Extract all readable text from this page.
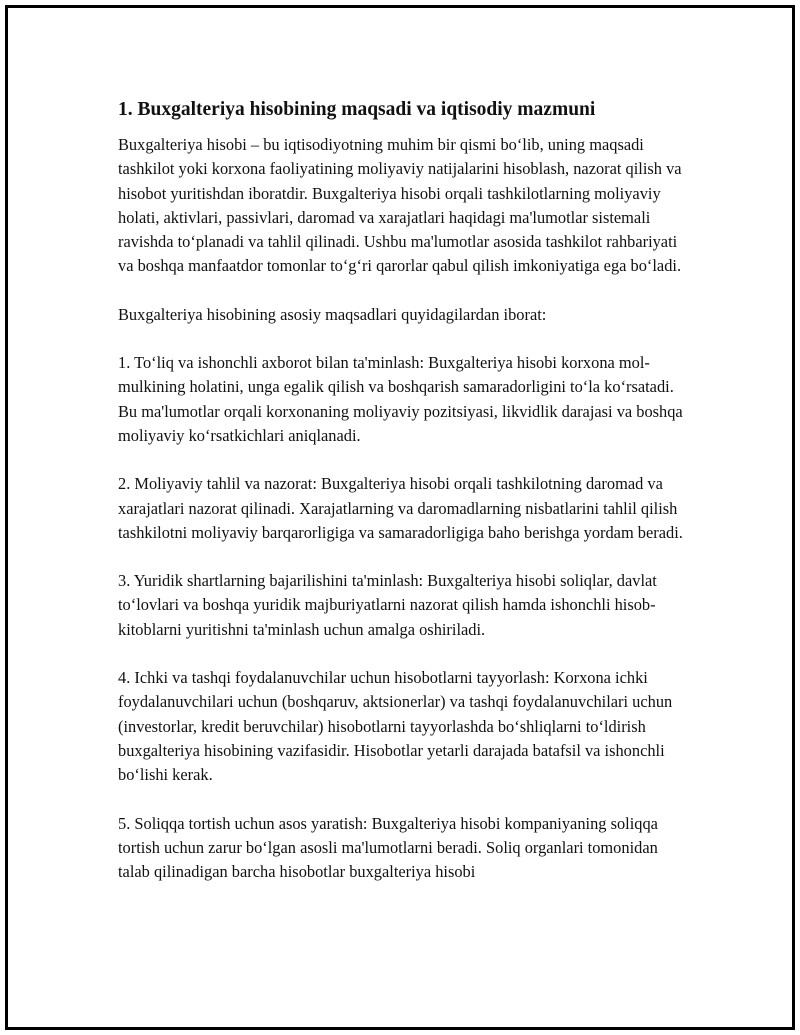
1. Buxgalteriya hisobining maqsadi va iqtisodiy mazmuni

Buxgalteriya hisobi – bu iqtisodiyotning muhim bir qismi bo‘lib, uning maqsadi tashkilot yoki korxona faoliyatining moliyaviy natijalarini hisoblash, nazorat qilish va hisobot yuritishdan iboratdir. Buxgalteriya hisobi orqali tashkilotlarning moliyaviy holati, aktivlari, passivlari, daromad va xarajatlari haqidagi ma'lumotlar sistemali ravishda to‘planadi va tahlil qilinadi. Ushbu ma'lumotlar asosida tashkilot rahbariyati va boshqa manfaatdor tomonlar to‘g‘ri qarorlar qabul qilish imkoniyatiga ega bo‘ladi.

Buxgalteriya hisobining asosiy maqsadlari quyidagilardan iborat:

1. To‘liq va ishonchli axborot bilan ta'minlash: Buxgalteriya hisobi korxona mol-mulkining holatini, unga egalik qilish va boshqarish samaradorligini to‘la ko‘rsatadi. Bu ma'lumotlar orqali korxonaning moliyaviy pozitsiyasi, likvidlik darajasi va boshqa moliyaviy ko‘rsatkichlari aniqlanadi.

2. Moliyaviy tahlil va nazorat: Buxgalteriya hisobi orqali tashkilotning daromad va xarajatlari nazorat qilinadi. Xarajatlarning va daromadlarning nisbatlarini tahlil qilish tashkilotni moliyaviy barqarorligiga va samaradorligiga baho berishga yordam beradi.

3. Yuridik shartlarning bajarilishini ta'minlash: Buxgalteriya hisobi soliqlar, davlat to‘lovlari va boshqa yuridik majburiyatlarni nazorat qilish hamda ishonchli hisob-kitoblarni yuritishni ta'minlash uchun amalga oshiriladi.

4. Ichki va tashqi foydalanuvchilar uchun hisobotlarni tayyorlash: Korxona ichki foydalanuvchilari uchun (boshqaruv, aktsionerlar) va tashqi foydalanuvchilari uchun (investorlar, kredit beruvchilar) hisobotlarni tayyorlashda bo‘shliqlarni to‘ldirish buxgalteriya hisobining vazifasidir. Hisobotlar yetarli darajada batafsil va ishonchli bo‘lishi kerak.

5. Soliqqa tortish uchun asos yaratish: Buxgalteriya hisobi kompaniyaning soliqqa tortish uchun zarur bo‘lgan asosli ma'lumotlarni beradi. Soliq organlari tomonidan talab qilinadigan barcha hisobotlar buxgalteriya hisobi
